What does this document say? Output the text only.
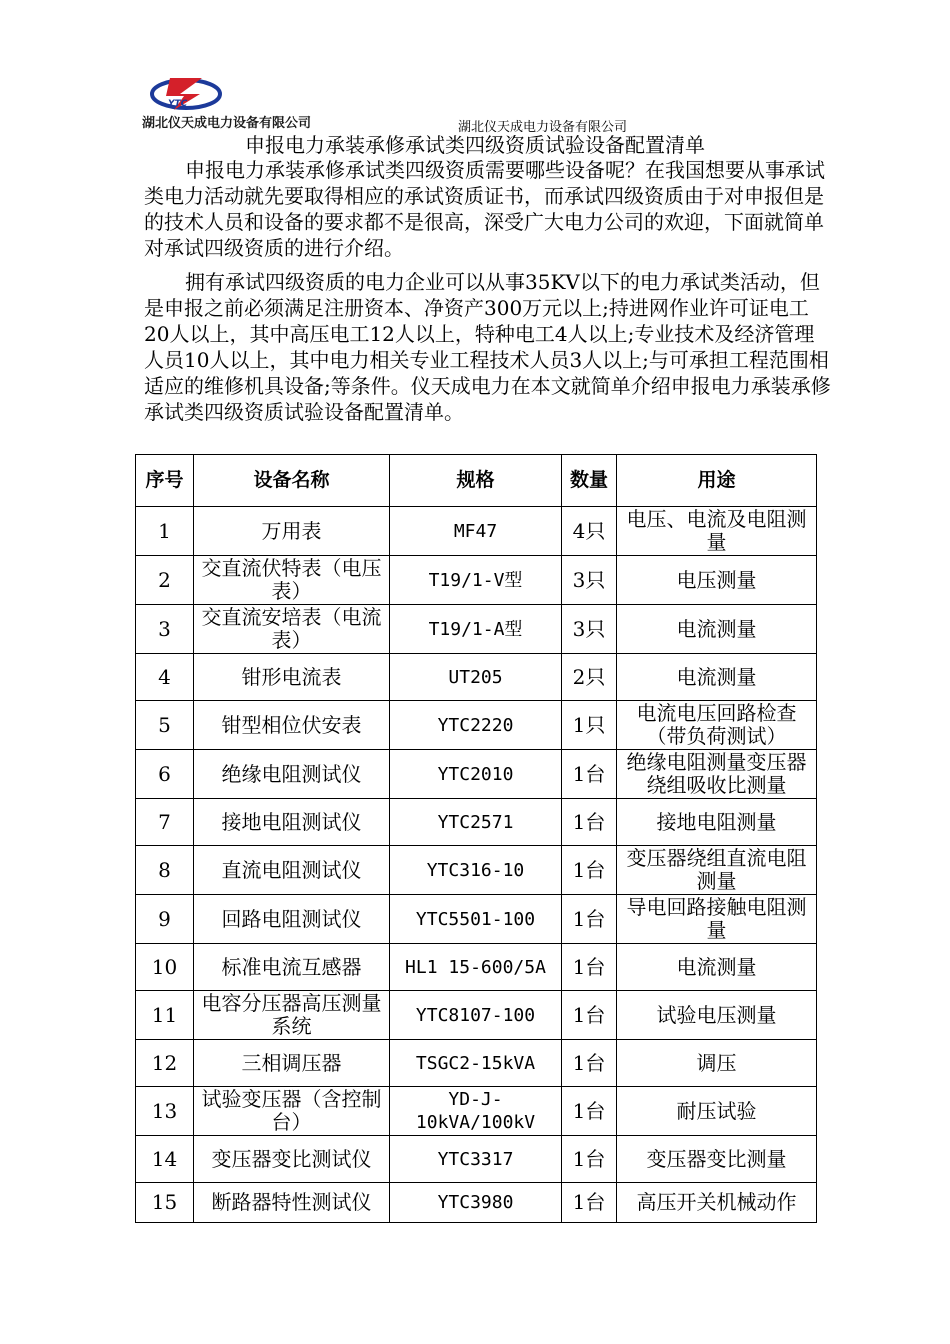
YTC
湖北仪天成电力设备有限公司	湖北仪天成电力设备有限公司
申报电力承装承修承试类四级资质试验设备配置清单

申报电力承装承修承试类四级资质需要哪些设备呢？在我国想要从事承试类电力活动就先要取得相应的承试资质证书，而承试四级资质由于对申报但是的技术人员和设备的要求都不是很高，深受广大电力公司的欢迎，下面就简单对承试四级资质的进行介绍。

拥有承试四级资质的电力企业可以从事35KV以下的电力承试类活动，但是申报之前必须满足注册资本、净资产300万元以上;持进网作业许可证电工20人以上，其中高压电工12人以上，特种电工4人以上;专业技术及经济管理人员10人以上，其中电力相关专业工程技术人员3人以上;与可承担工程范围相适应的维修机具设备;等条件。仪天成电力在本文就简单介绍申报电力承装承修承试类四级资质试验设备配置清单。

序号	设备名称	规格	数量	用途
1	万用表	MF47	4只	电压、电流及电阻测量
2	交直流伏特表（电压表）	T19/1-V型	3只	电压测量
3	交直流安培表（电流表）	T19/1-A型	3只	电流测量
4	钳形电流表	UT205	2只	电流测量
5	钳型相位伏安表	YTC2220	1只	电流电压回路检查（带负荷测试）
6	绝缘电阻测试仪	YTC2010	1台	绝缘电阻测量变压器绕组吸收比测量
7	接地电阻测试仪	YTC2571	1台	接地电阻测量
8	直流电阻测试仪	YTC316-10	1台	变压器绕组直流电阻测量
9	回路电阻测试仪	YTC5501-100	1台	导电回路接触电阻测量
10	标准电流互感器	HL1 15-600/5A	1台	电流测量
11	电容分压器高压测量系统	YTC8107-100	1台	试验电压测量
12	三相调压器	TSGC2-15kVA	1台	调压
13	试验变压器（含控制台）	YD-J-10kVA/100kV	1台	耐压试验
14	变压器变比测试仪	YTC3317	1台	变压器变比测量
15	断路器特性测试仪	YTC3980	1台	高压开关机械动作
